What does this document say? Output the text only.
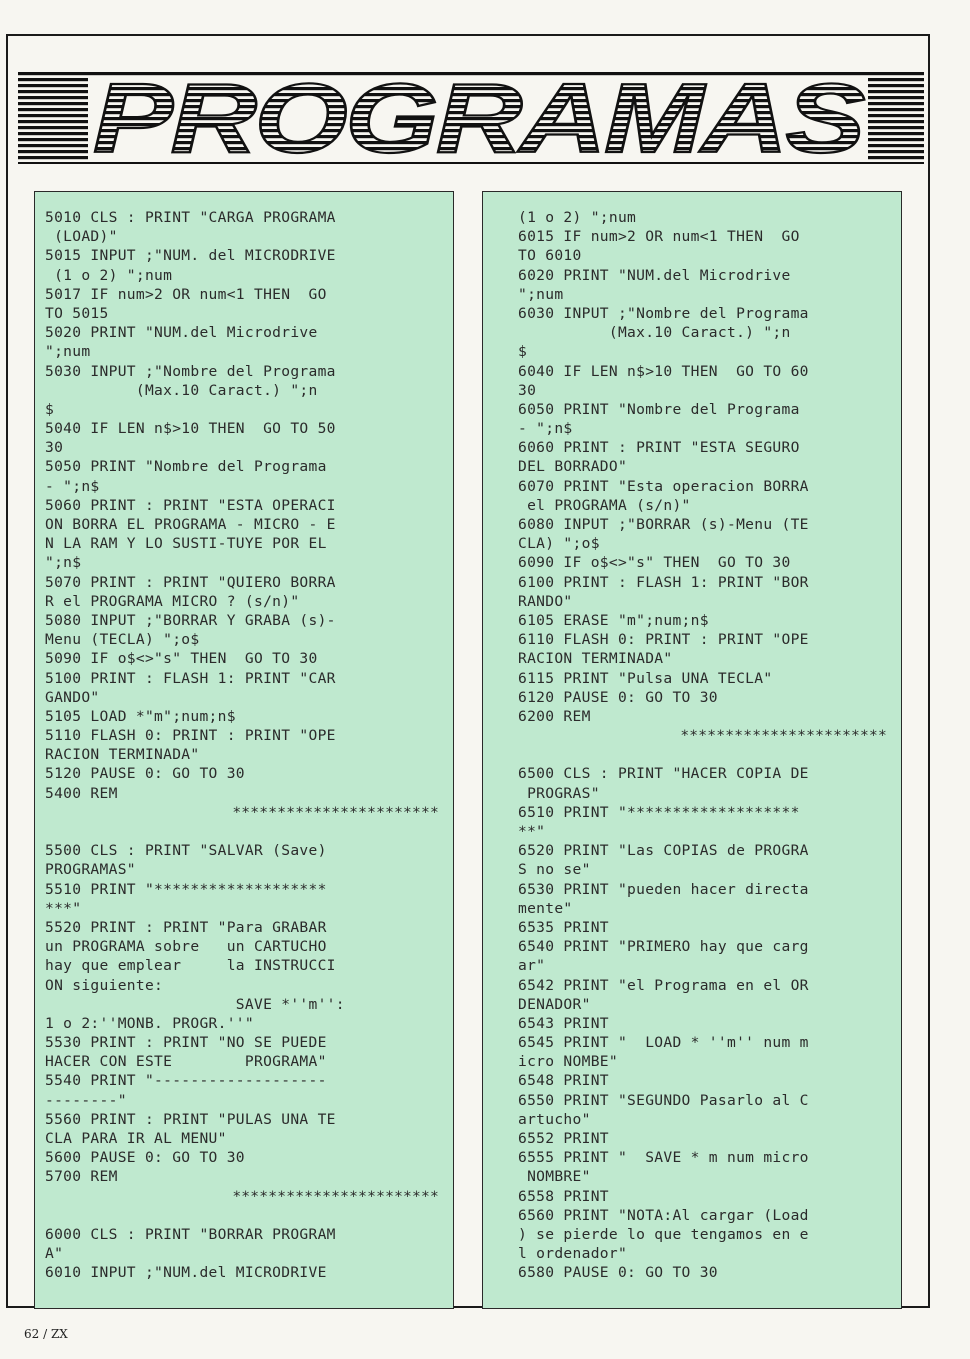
PROGRAMAS
5010 CLS : PRINT "CARGA PROGRAMA
(LOAD)"
5015 INPUT ;"NUM. del MICRODRIVE
(1 o 2) ";num
5017 IF num>2 OR num<1 THEN  GO
TO 5015
5020 PRINT "NUM.del Microdrive
";num
5030 INPUT ;"Nombre del Programa
(Max.10 Caract.) ";n
$
5040 IF LEN n$>10 THEN  GO TO 50
30
5050 PRINT "Nombre del Programa
- ";n$
5060 PRINT : PRINT "ESTA OPERACI
ON BORRA EL PROGRAMA - MICRO - E
N LA RAM Y LO SUSTI-TUYE POR EL
";n$
5070 PRINT : PRINT "QUIERO BORRA
R el PROGRAMA MICRO ? (s/n)"
5080 INPUT ;"BORRAR Y GRABA (s)-
Menu (TECLA) ";o$
5090 IF o$<>"s" THEN  GO TO 30
5100 PRINT : FLASH 1: PRINT "CAR
GANDO"
5105 LOAD *"m";num;n$
5110 FLASH 0: PRINT : PRINT "OPE
RACION TERMINADA"
5120 PAUSE 0: GO TO 30
5400 REM
***********************
5500 CLS : PRINT "SALVAR (Save)
PROGRAMAS"
5510 PRINT "*******************
***"
5520 PRINT : PRINT "Para GRABAR
un PROGRAMA sobre   un CARTUCHO
hay que emplear     la INSTRUCCI
ON siguiente:
SAVE *''m'':
1 o 2:''MONB. PROGR.''"
5530 PRINT : PRINT "NO SE PUEDE
HACER CON ESTE        PROGRAMA"
5540 PRINT "-------------------
--------"
5560 PRINT : PRINT "PULAS UNA TE
CLA PARA IR AL MENU"
5600 PAUSE 0: GO TO 30
5700 REM
***********************
6000 CLS : PRINT "BORRAR PROGRAM
A"
6010 INPUT ;"NUM.del MICRODRIVE
(1 o 2) ";num
6015 IF num>2 OR num<1 THEN  GO
TO 6010
6020 PRINT "NUM.del Microdrive
";num
6030 INPUT ;"Nombre del Programa
(Max.10 Caract.) ";n
$
6040 IF LEN n$>10 THEN  GO TO 60
30
6050 PRINT "Nombre del Programa
- ";n$
6060 PRINT : PRINT "ESTA SEGURO
DEL BORRADO"
6070 PRINT "Esta operacion BORRA
el PROGRAMA (s/n)"
6080 INPUT ;"BORRAR (s)-Menu (TE
CLA) ";o$
6090 IF o$<>"s" THEN  GO TO 30
6100 PRINT : FLASH 1: PRINT "BOR
RANDO"
6105 ERASE "m";num;n$
6110 FLASH 0: PRINT : PRINT "OPE
RACION TERMINADA"
6115 PRINT "Pulsa UNA TECLA"
6120 PAUSE 0: GO TO 30
6200 REM
***********************
6500 CLS : PRINT "HACER COPIA DE
PROGRAS"
6510 PRINT "*******************
**"
6520 PRINT "Las COPIAS de PROGRA
S no se"
6530 PRINT "pueden hacer directa
mente"
6535 PRINT
6540 PRINT "PRIMERO hay que carg
ar"
6542 PRINT "el Programa en el OR
DENADOR"
6543 PRINT
6545 PRINT "  LOAD * ''m'' num m
icro NOMBE"
6548 PRINT
6550 PRINT "SEGUNDO Pasarlo al C
artucho"
6552 PRINT
6555 PRINT "  SAVE * m num micro
NOMBRE"
6558 PRINT
6560 PRINT "NOTA:Al cargar (Load
) se pierde lo que tengamos en e
l ordenador"
6580 PAUSE 0: GO TO 30
62 / ZX
